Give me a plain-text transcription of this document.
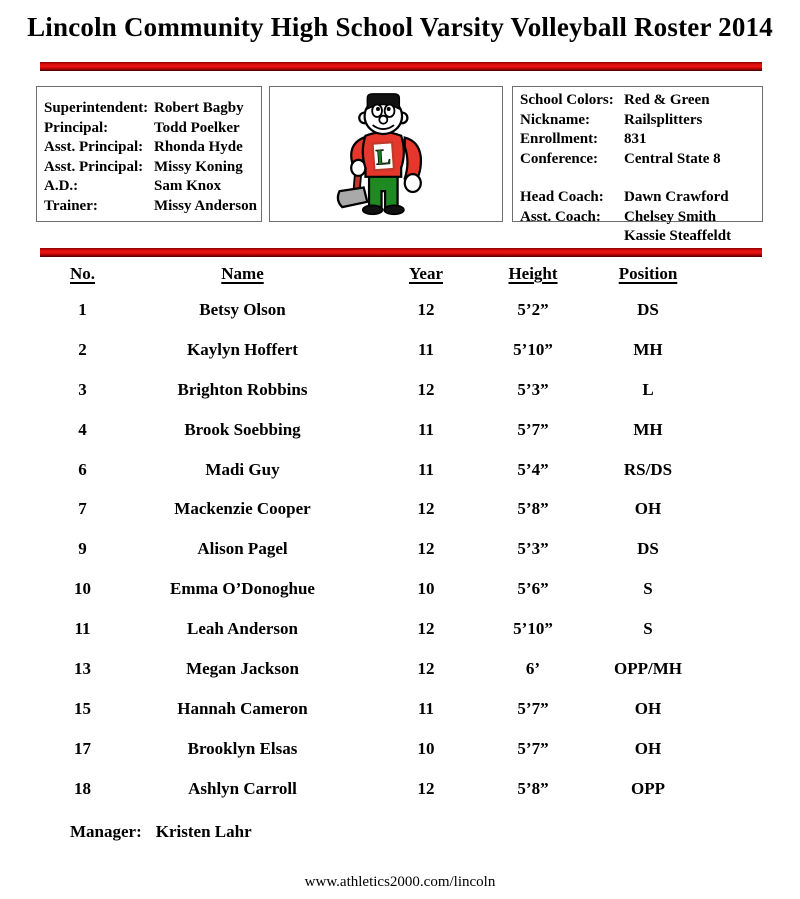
Lincoln Community High School Varsity Volleyball Roster 2014
Superintendent: Robert Bagby
Principal:	Todd Poelker
Asst. Principal: Rhonda Hyde
Asst. Principal: Missy Koning
A.D.:	Sam Knox
Trainer:	Missy Anderson
L
School Colors: Red & Green
Nickname:	Railsplitters
Enrollment:	831
Conference:	Central State 8
Head Coach:	Dawn Crawford
Asst. Coach:	Chelsey Smith
Kassie Steaffeldt
No.	Name	Year	Height	Position
1	Betsy Olson	12	5’2”	DS
2	Kaylyn Hoffert	11	5’10”	MH
3	Brighton Robbins	12	5’3”	L
4	Brook Soebbing	11	5’7”	MH
6	Madi Guy	11	5’4”	RS/DS
7	Mackenzie Cooper	12	5’8”	OH
9	Alison Pagel	12	5’3”	DS
10	Emma O’Donoghue	10	5’6”	S
11	Leah Anderson	12	5’10”	S
13	Megan Jackson	12	6’	OPP/MH
15	Hannah Cameron	11	5’7”	OH
17	Brooklyn Elsas	10	5’7”	OH
18	Ashlyn Carroll	12	5’8”	OPP
Manager: Kristen Lahr
www.athletics2000.com/lincoln
